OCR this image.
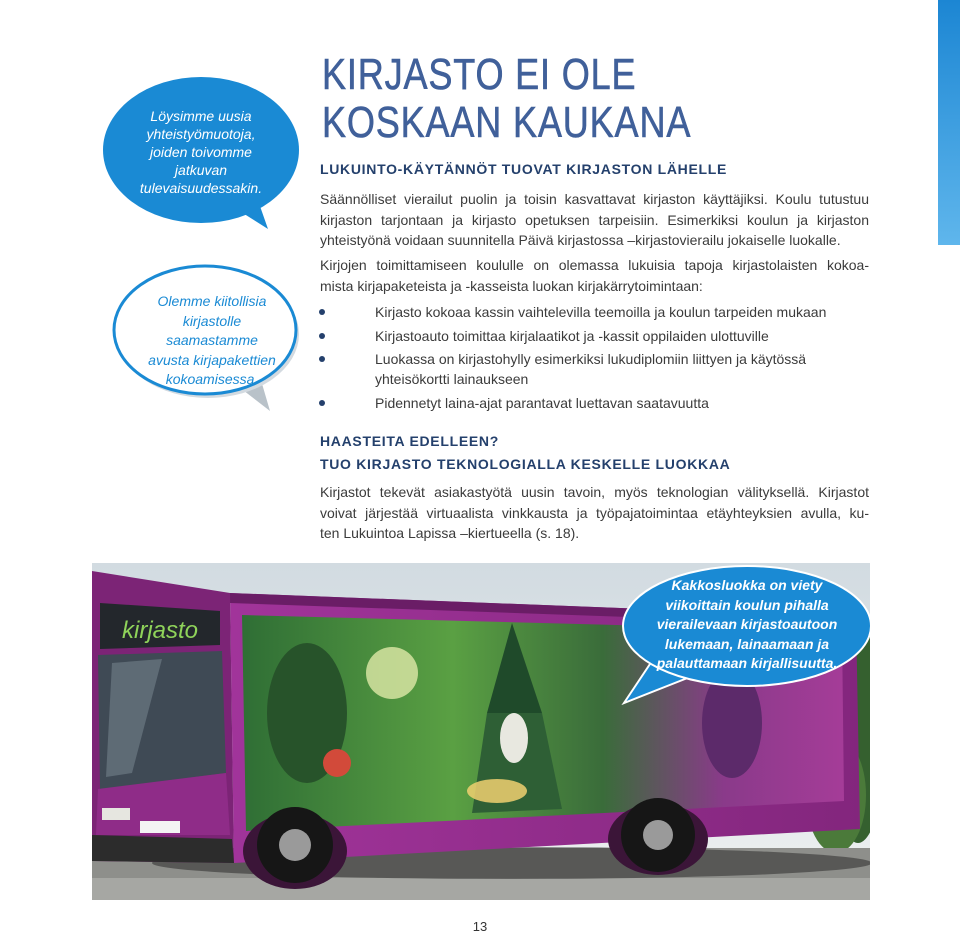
Löysimme uusia
yhteistyömuotoja,
joiden toivomme
jatkuvan
tulevaisuudessakin.
Olemme kiitollisia
kirjastolle
saamastamme
avusta kirjapakettien
kokoamisessa.
KIRJASTO EI OLE
KOSKAAN KAUKANA
LUKUINTO-KÄYTÄNNÖT TUOVAT KIRJASTON LÄHELLE
Säännölliset vierailut puolin ja toisin kasvattavat kirjaston käyttäjiksi. Koulu tutustuu
kirjaston tarjontaan ja kirjasto opetuksen tarpeisiin. Esimerkiksi koulun ja kirjaston
yhteistyönä voidaan suunnitella Päivä kirjastossa –kirjastovierailu jokaiselle luokalle.
Kirjojen toimittamiseen koululle on olemassa lukuisia tapoja kirjastolaisten kokoa-
mista kirjapaketeista ja -kasseista luokan kirjakärrytoimintaan:
Kirjasto kokoaa kassin vaihtelevilla teemoilla ja koulun tarpeiden mukaan
Kirjastoauto toimittaa kirjalaatikot ja -kassit oppilaiden ulottuville
Luokassa on kirjastohylly esimerkiksi lukudiplomiin liittyen ja käytössä
yhteisökortti lainaukseen
Pidennetyt laina-ajat parantavat luettavan saatavuutta
HAASTEITA EDELLEEN?
TUO KIRJASTO TEKNOLOGIALLA KESKELLE LUOKKAA
Kirjastot tekevät asiakastyötä uusin tavoin, myös teknologian välityksellä. Kirjastot
voivat järjestää virtuaalista vinkkausta ja työpajatoimintaa etäyhteyksien avulla, ku-
ten Lukuintoa Lapissa –kiertueella (s. 18).
kirjasto
Kakkosluokka on viety
viikoittain koulun pihalla
vierailevaan kirjastoautoon
lukemaan, lainaamaan ja
palauttamaan kirjallisuutta.
13
